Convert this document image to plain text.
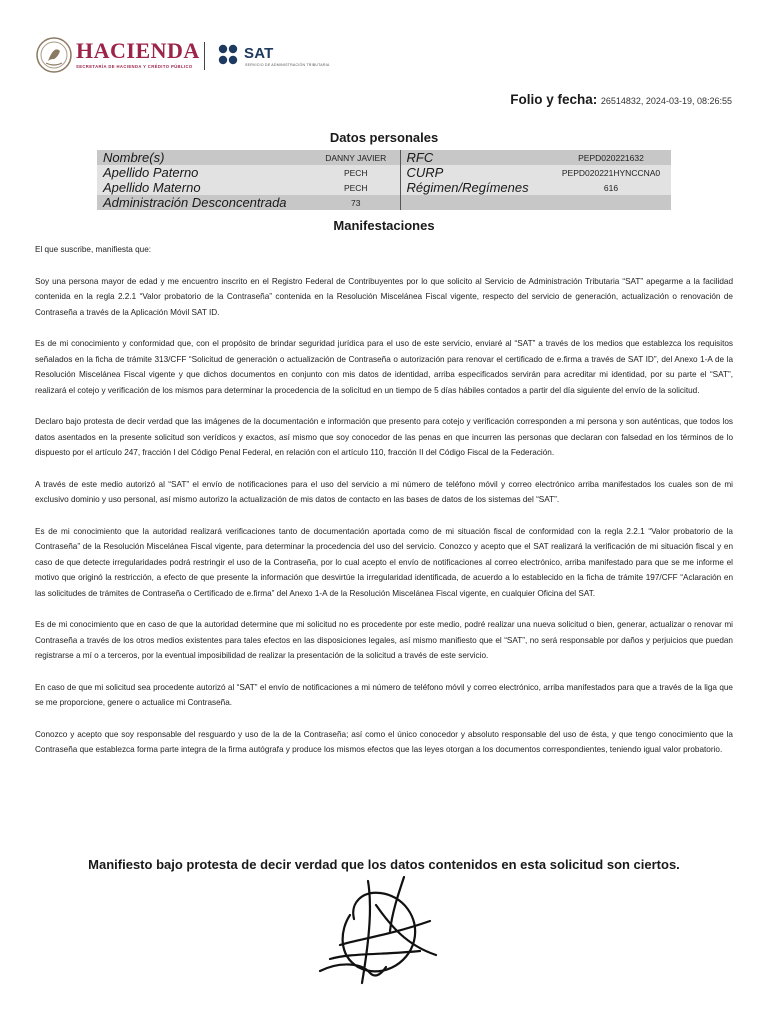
HACIENDA
SECRETARÍA DE HACIENDA Y CRÉDITO PÚBLICO
SAT
SERVICIO DE ADMINISTRACIÓN TRIBUTARIA
Folio y fecha: 26514832, 2024-03-19, 08:26:55
Datos personales
Nombre(s)	DANNY JAVIER	RFC	PEPD020221632
Apellido Paterno	PECH	CURP	PEPD020221HYNCCNA0
Apellido Materno	PECH	Régimen/Regímenes	616
Administración Desconcentrada	73		
Manifestaciones

El que suscribe, manifiesta que:

Soy una persona mayor de edad y me encuentro inscrito en el Registro Federal de Contribuyentes por lo que solicito al Servicio de Administración Tributaria “SAT” apegarme a la facilidad contenida en la regla 2.2.1 “Valor probatorio de la Contraseña” contenida en la Resolución Miscelánea Fiscal vigente, respecto del servicio de generación, actualización o renovación de Contraseña a través de la Aplicación Móvil SAT ID.

Es de mi conocimiento y conformidad que, con el propósito de brindar seguridad jurídica para el uso de este servicio, enviaré al “SAT” a través de los medios que establezca los requisitos señalados en la ficha de trámite 313/CFF “Solicitud de generación o actualización de Contraseña o autorización para renovar el certificado de e.firma a través de SAT ID”, del Anexo 1-A de la Resolución Miscelánea Fiscal vigente y que dichos documentos en conjunto con mis datos de identidad, arriba especificados servirán para acreditar mi identidad, por su parte el “SAT”, realizará el cotejo y verificación de los mismos para determinar la procedencia de la solicitud en un tiempo de 5 días hábiles contados a partir del día siguiente del envío de la solicitud.

Declaro bajo protesta de decir verdad que las imágenes de la documentación e información que presento para cotejo y verificación corresponden a mi persona y son auténticas, que todos los datos asentados en la presente solicitud son verídicos y exactos, así mismo que soy conocedor de las penas en que incurren las personas que declaran con falsedad en los términos de lo dispuesto por el artículo 247, fracción I del Código Penal Federal, en relación con el artículo 110, fracción II del Código Fiscal de la Federación.

A través de este medio autorizó al “SAT” el envío de notificaciones para el uso del servicio a mi número de teléfono móvil y correo electrónico arriba manifestados los cuales son de mi exclusivo dominio y uso personal, así mismo autorizo la actualización de mis datos de contacto en las bases de datos de los sistemas del “SAT”.

Es de mi conocimiento que la autoridad realizará verificaciones tanto de documentación aportada como de mi situación fiscal de conformidad con la regla 2.2.1 “Valor probatorio de la Contraseña” de la Resolución Miscelánea Fiscal vigente, para determinar la procedencia del uso del servicio. Conozco y acepto que el SAT realizará la verificación de mi situación fiscal y en caso de que detecte irregularidades podrá restringir el uso de la Contraseña, por lo cual acepto el envío de notificaciones al correo electrónico, arriba manifestado para que se me informe el motivo que originó la restricción, a efecto de que presente la información que desvirtúe la irregularidad identificada, de acuerdo a lo establecido en la ficha de trámite 197/CFF “Aclaración en las solicitudes de trámites de Contraseña o Certificado de e.firma” del Anexo 1-A de la Resolución Miscelánea Fiscal vigente, en cualquier Oficina del SAT.

Es de mi conocimiento que en caso de que la autoridad determine que mi solicitud no es procedente por este medio, podré realizar una nueva solicitud o bien, generar, actualizar o renovar mi Contraseña a través de los otros medios existentes para tales efectos en las disposiciones legales, así mismo manifiesto que el “SAT”, no será responsable por daños y perjuicios que puedan registrarse a mí o a terceros, por la eventual imposibilidad de realizar la presentación de la solicitud a través de este servicio.

En caso de que mi solicitud sea procedente autorizó al “SAT” el envío de notificaciones a mi número de teléfono móvil y correo electrónico, arriba manifestados para que a través de la liga que se me proporcione, genere o actualice mi Contraseña.

Conozco y acepto que soy responsable del resguardo y uso de la de la Contraseña; así como el único conocedor y absoluto responsable del uso de ésta, y que tengo conocimiento que la Contraseña que establezca forma parte integra de la firma autógrafa y produce los mismos efectos que las leyes otorgan a los documentos correspondientes, teniendo igual valor probatorio.

Manifiesto bajo protesta de decir verdad que los datos contenidos en esta solicitud son ciertos.
